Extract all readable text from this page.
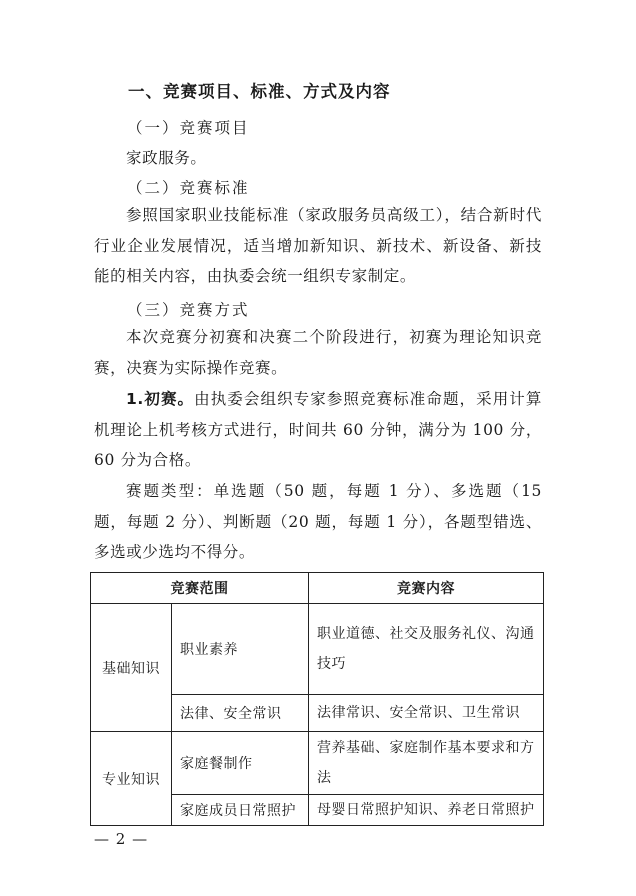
一、竞赛项目、标准、方式及内容
（一）竞赛项目
家政服务。
（二）竞赛标准
参照国家职业技能标准（家政服务员高级工），结合新时代行业企业发展情况，适当增加新知识、新技术、新设备、新技能的相关内容，由执委会统一组织专家制定。
（三）竞赛方式
本次竞赛分初赛和决赛二个阶段进行，初赛为理论知识竞赛，决赛为实际操作竞赛。
1.初赛。由执委会组织专家参照竞赛标准命题，采用计算机理论上机考核方式进行，时间共 60 分钟，满分为 100 分，60 分为合格。
赛题类型：单选题（50 题，每题 1 分）、多选题（15 题，每题 2 分）、判断题（20 题，每题 1 分），各题型错选、多选或少选均不得分。
竞赛范围		竞赛内容
基础知识	职业素养	职业道德、社交及服务礼仪、沟通技巧
	法律、安全常识	法律常识、安全常识、卫生常识
专业知识	家庭餐制作	营养基础、家庭制作基本要求和方法
	家庭成员日常照护	母婴日常照护知识、养老日常照护
— 2 —
